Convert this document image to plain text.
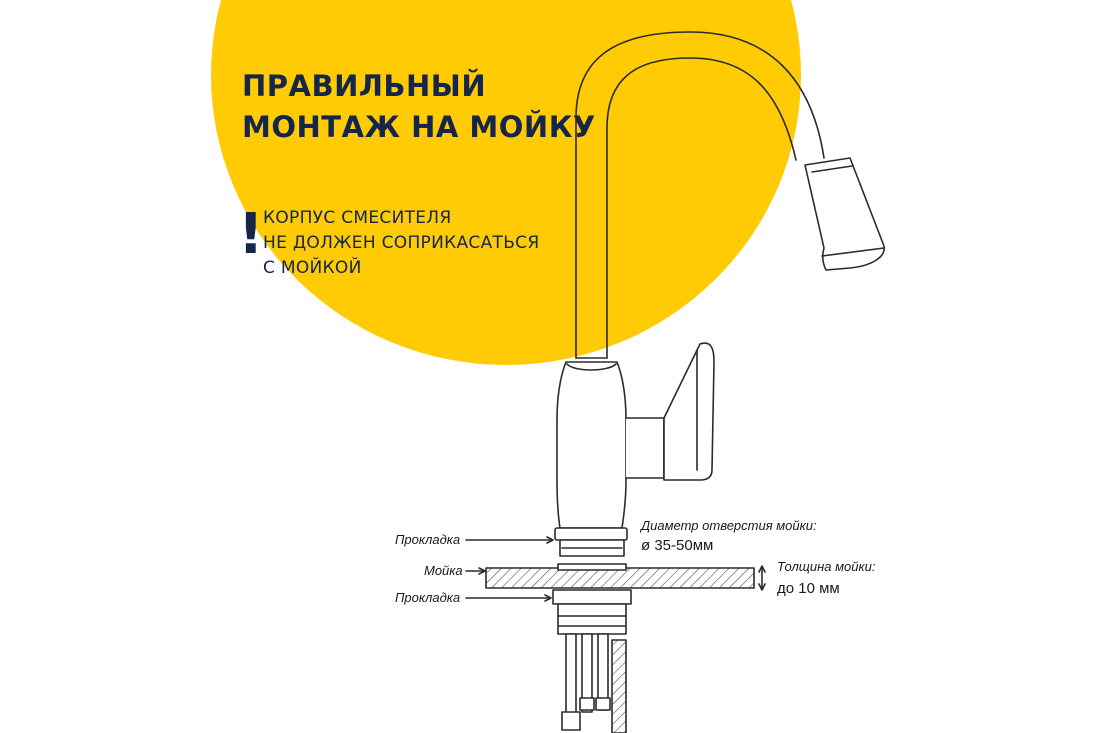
ПРАВИЛЬНЫЙ
МОНТАЖ НА МОЙКУ
! КОРПУС СМЕСИТЕЛЯ
НЕ ДОЛЖЕН СОПРИКАСАТЬСЯ
С МОЙКОЙ
Прокладка
Мойка
Прокладка
Диаметр отверстия мойки:
ø 35-50мм
Толщина мойки:
до 10 мм
